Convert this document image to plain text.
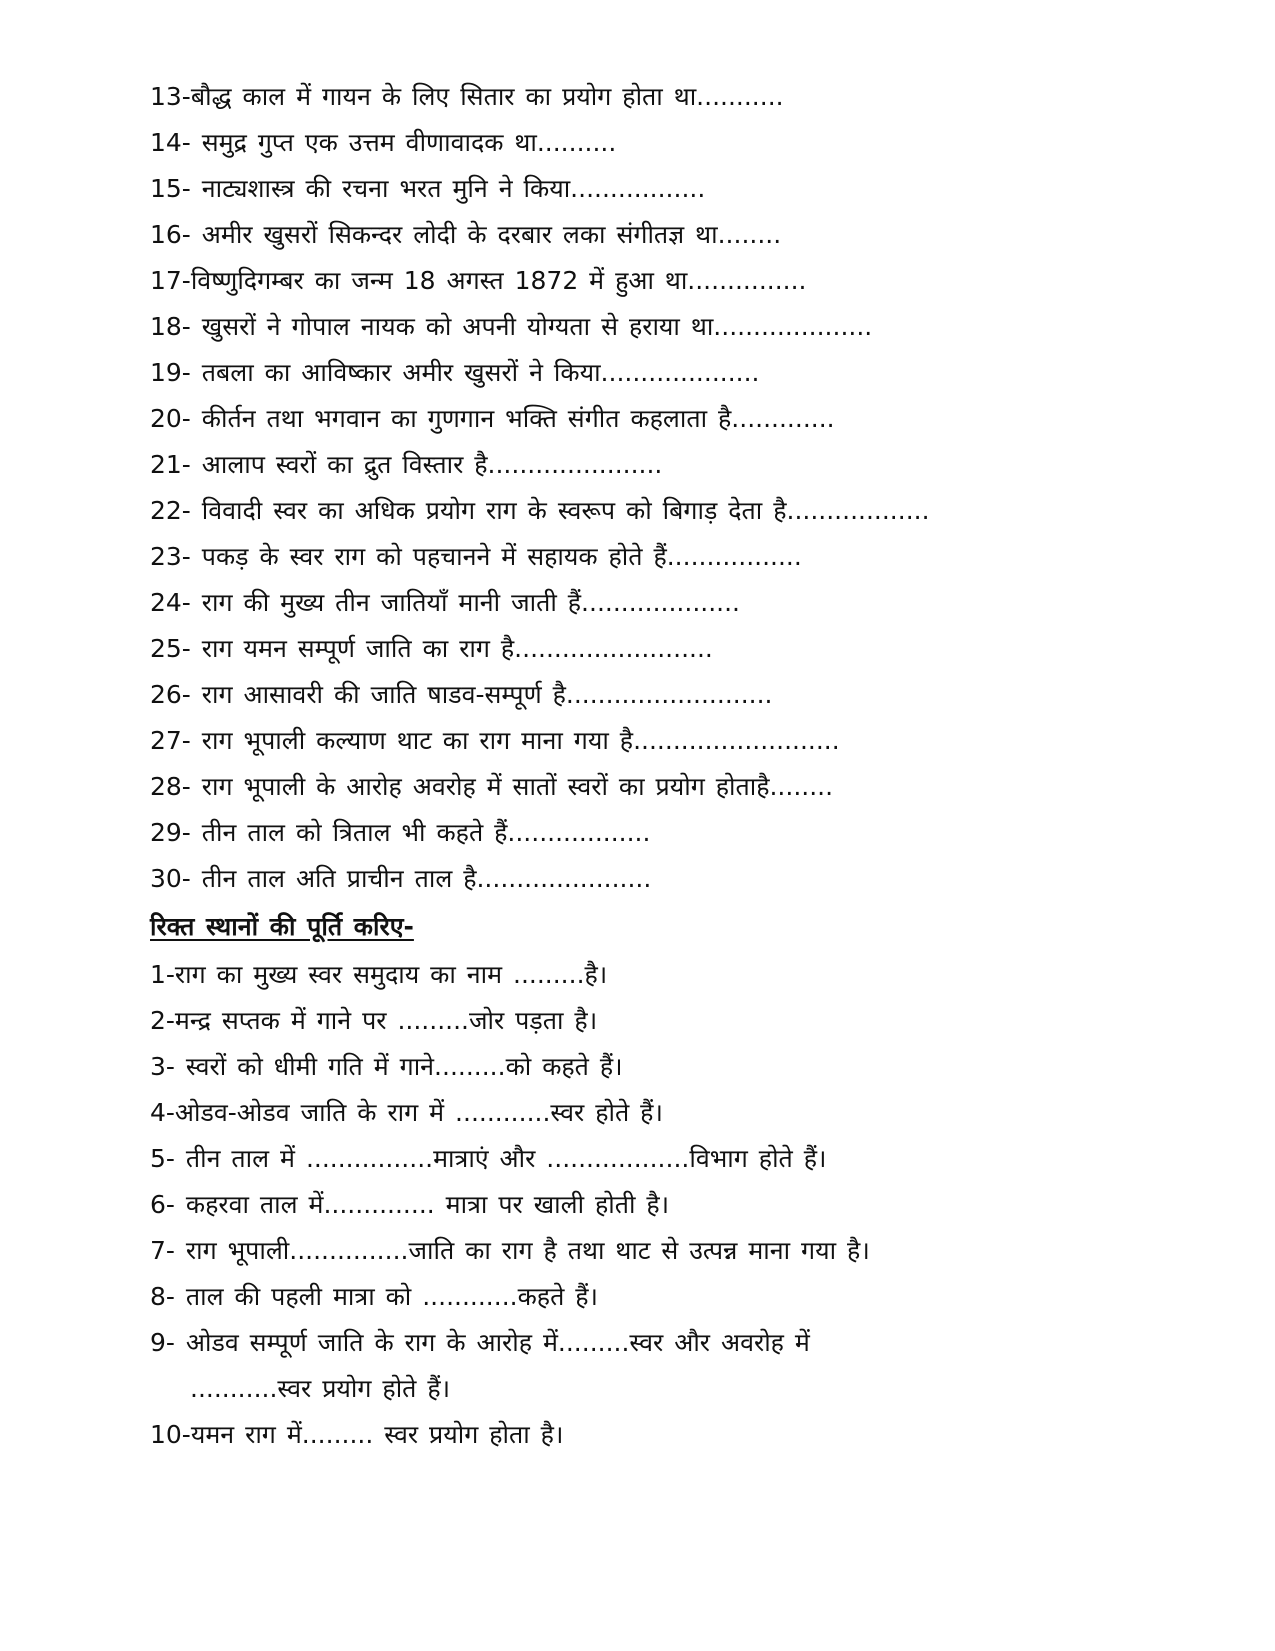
13-बौद्ध काल में गायन के लिए सितार का प्रयोग होता था...........
14- समुद्र गुप्त एक उत्तम वीणावादक था..........
15- नाट्यशास्त्र की रचना भरत मुनि ने किया.................
16- अमीर खुसरों सिकन्दर लोदी के दरबार लका संगीतज्ञ था........
17-विष्णुदिगम्बर का जन्म 18 अगस्त 1872 में हुआ था...............
18- खुसरों ने गोपाल नायक को अपनी योग्यता से हराया था....................
19- तबला का आविष्कार अमीर खुसरों ने किया....................
20- कीर्तन तथा भगवान का गुणगान भक्ति संगीत कहलाता है.............
21- आलाप स्वरों का द्रुत विस्तार है......................
22- विवादी स्वर का अधिक प्रयोग राग के स्वरूप को बिगाड़ देता है..................
23- पकड़ के स्वर राग को पहचानने में सहायक होते हैं.................
24- राग की मुख्य तीन जातियाँ मानी जाती हैं....................
25- राग यमन सम्पूर्ण जाति का राग है.........................
26- राग आसावरी की जाति षाडव-सम्पूर्ण है..........................
27- राग भूपाली कल्याण थाट का राग माना गया है..........................
28- राग भूपाली के आरोह अवरोह में सातों स्वरों का प्रयोग होताहै........
29- तीन ताल को त्रिताल भी कहते हैं..................
30- तीन ताल अति प्राचीन ताल है......................
रिक्त स्थानों की पूर्ति करिए-
1-राग का मुख्य स्वर समुदाय का नाम .........है।
2-मन्द्र सप्तक में गाने पर .........जोर पड़ता है।
3- स्वरों को धीमी गति में गाने.........को कहते हैं।
4-ओडव-ओडव जाति के राग में ............स्वर होते हैं।
5- तीन ताल में ................मात्राएं और ..................विभाग होते हैं।
6- कहरवा ताल में.............. मात्रा पर खाली होती है।
7- राग भूपाली...............जाति का राग है तथा थाट से उत्पन्न माना गया है।
8- ताल की पहली मात्रा को ............कहते हैं।
9- ओडव सम्पूर्ण जाति के राग के आरोह में.........स्वर और अवरोह में
...........स्वर प्रयोग होते हैं।
10-यमन राग में......... स्वर प्रयोग होता है।
